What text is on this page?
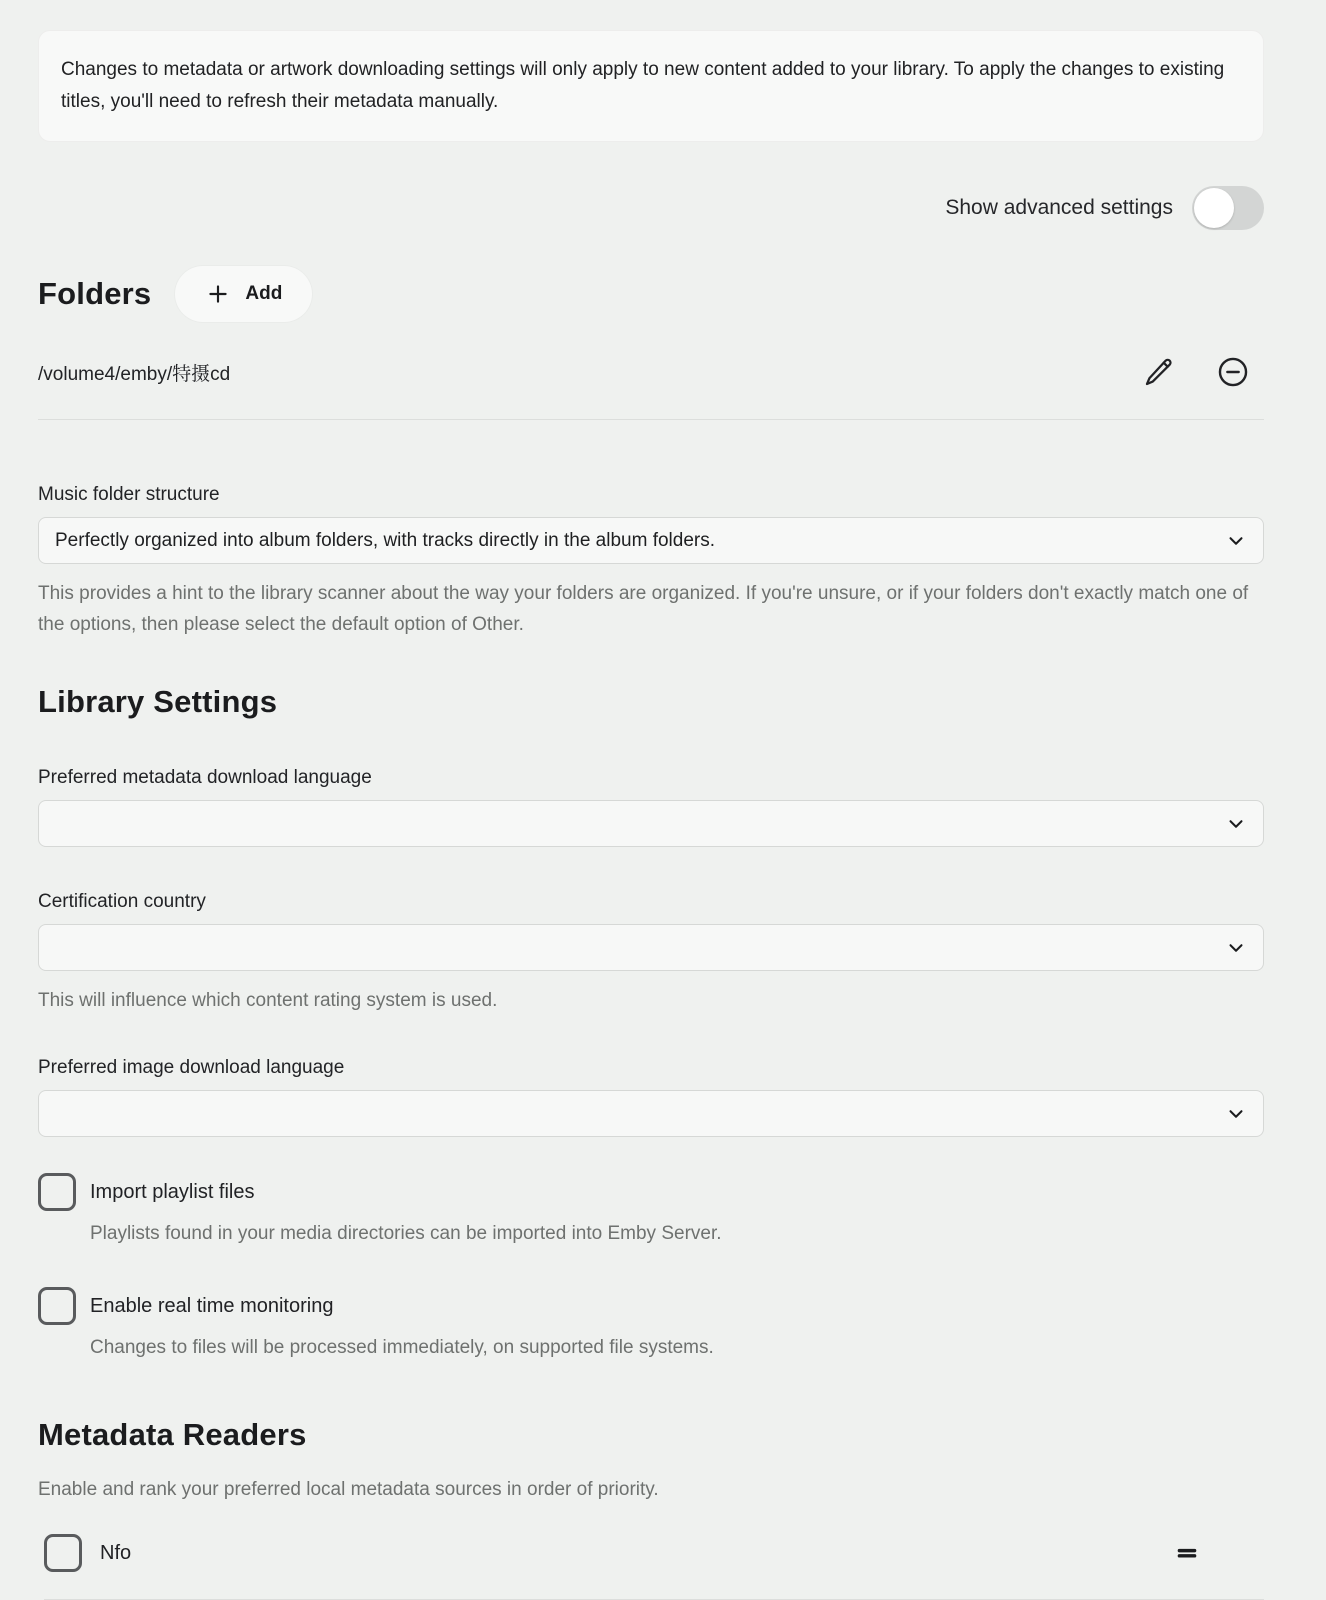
Changes to metadata or artwork downloading settings will only apply to new content added to your library. To apply the changes to existing titles, you'll need to refresh their metadata manually.
Show advanced settings
Folders	Add
/volume4/emby/特摄cd
Music folder structure
Perfectly organized into album folders, with tracks directly in the album folders.
This provides a hint to the library scanner about the way your folders are organized. If you're unsure, or if your folders don't exactly match one of the options, then please select the default option of Other.
Library Settings
Preferred metadata download language
Certification country
This will influence which content rating system is used.
Preferred image download language
Import playlist files
Playlists found in your media directories can be imported into Emby Server.
Enable real time monitoring
Changes to files will be processed immediately, on supported file systems.
Metadata Readers
Enable and rank your preferred local metadata sources in order of priority.
Nfo
